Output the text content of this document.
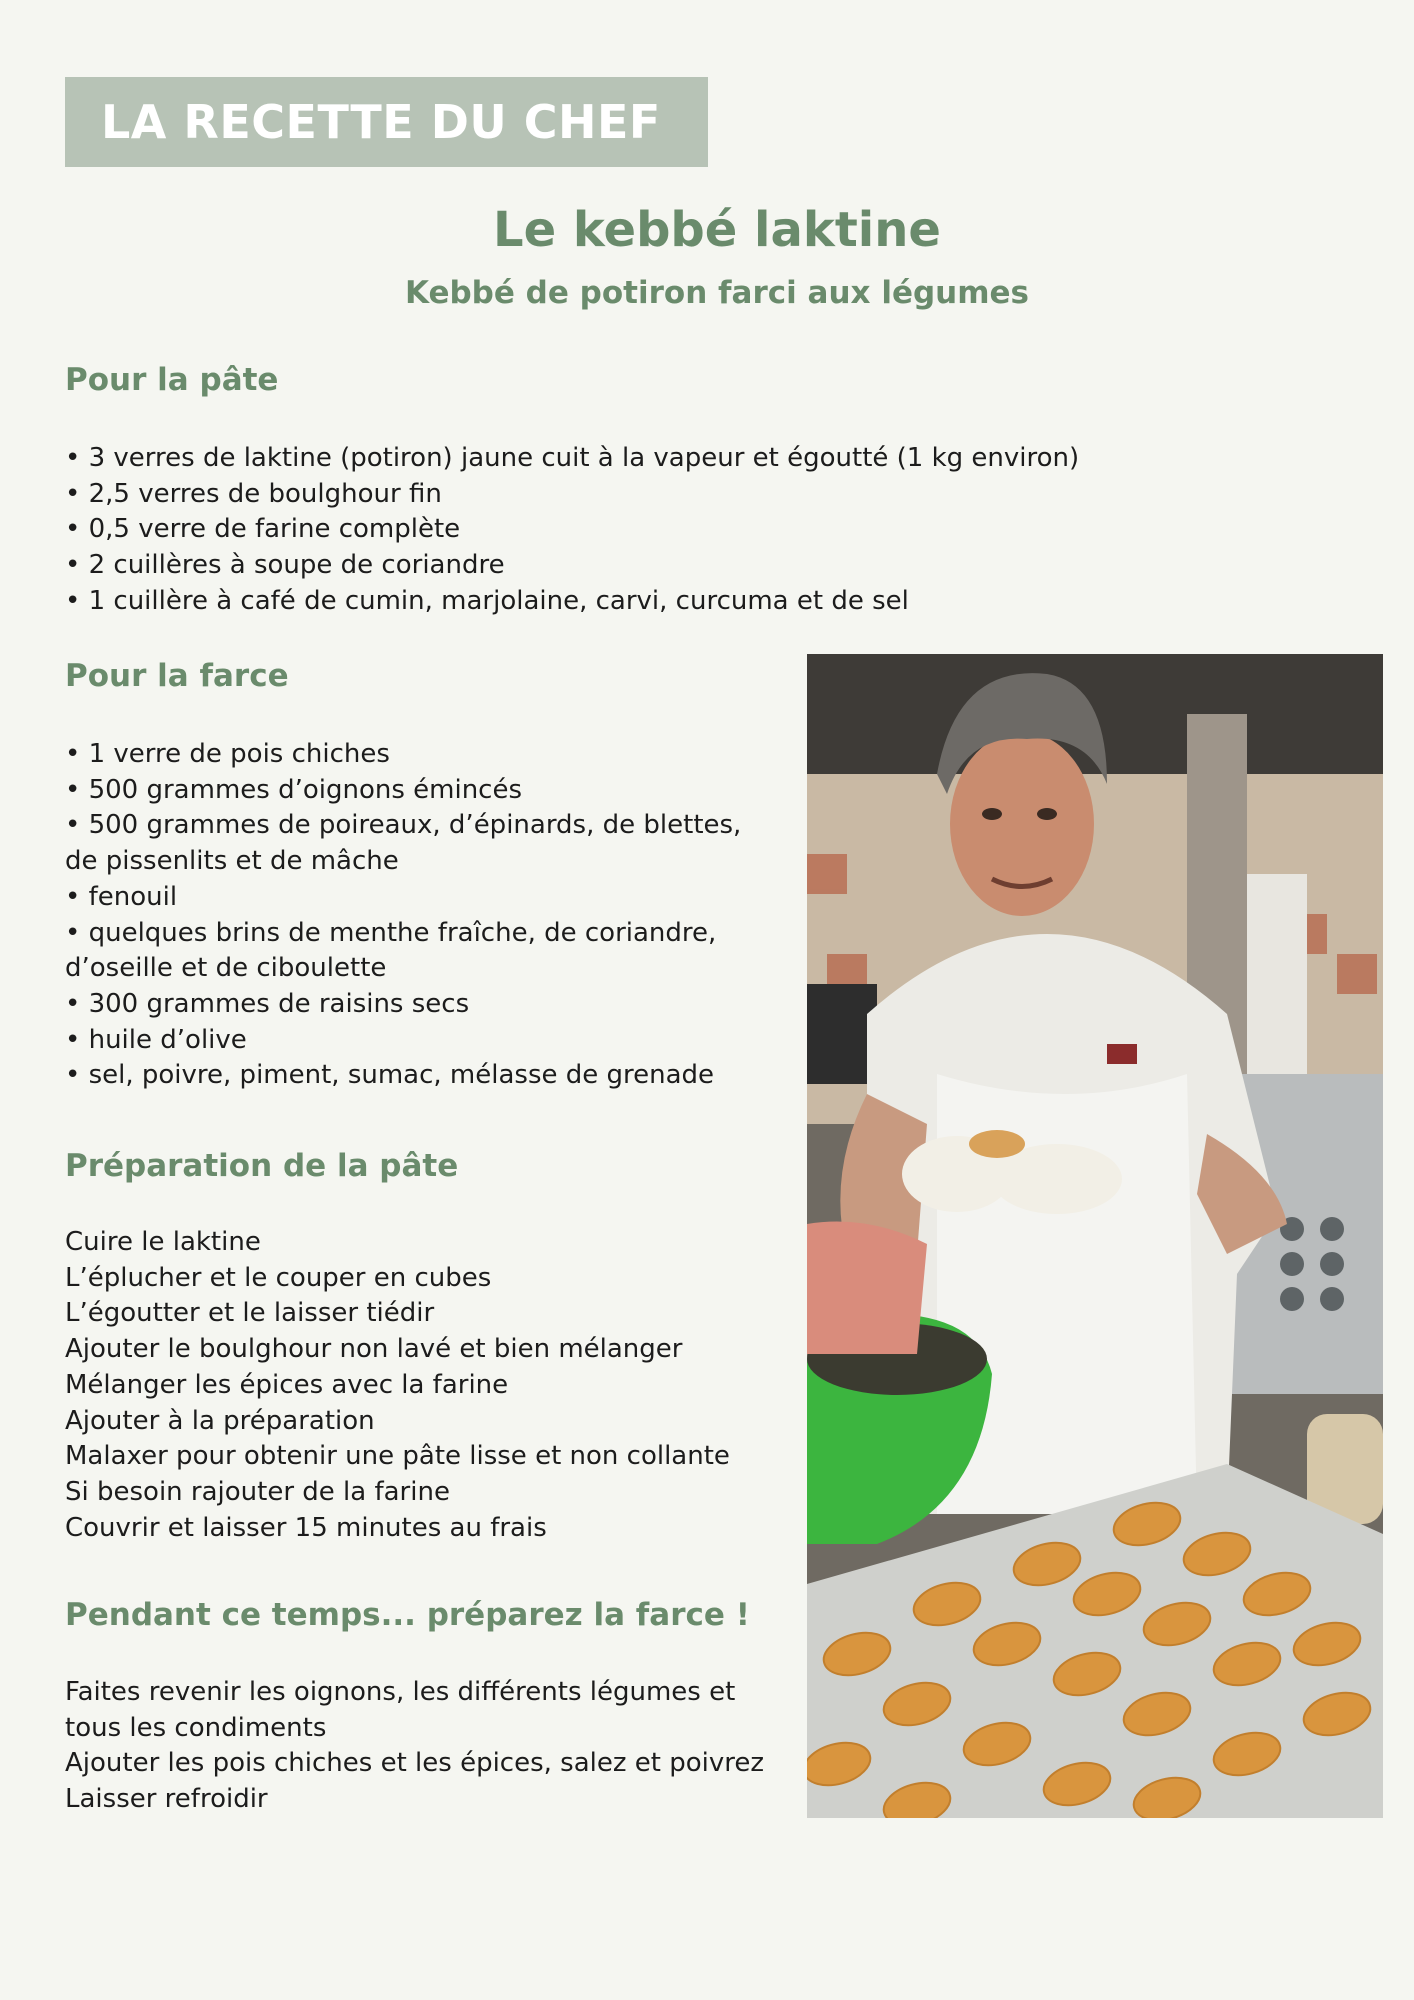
LA RECETTE DU CHEF
Le kebbé laktine
Kebbé de potiron farci aux légumes
Pour la pâte
• 3 verres de laktine (potiron) jaune cuit à la vapeur et égoutté (1 kg environ)
• 2,5 verres de boulghour fin
• 0,5 verre de farine complète
• 2 cuillères à soupe de coriandre
• 1 cuillère à café de cumin, marjolaine, carvi, curcuma et de sel
Pour la farce
• 1 verre de pois chiches
• 500 grammes d’oignons émincés
• 500 grammes de poireaux, d’épinards, de blettes,
de pissenlits et de mâche
• fenouil
• quelques brins de menthe fraîche, de coriandre,
d’oseille et de ciboulette
• 300 grammes de raisins secs
• huile d’olive
• sel, poivre, piment, sumac, mélasse de grenade
Préparation de la pâte
Cuire le laktine
L’éplucher et le couper en cubes
L’égoutter et le laisser tiédir
Ajouter le boulghour non lavé et bien mélanger
Mélanger les épices avec la farine
Ajouter à la préparation
Malaxer pour obtenir une pâte lisse et non collante
Si besoin rajouter de la farine
Couvrir et laisser 15 minutes au frais
Pendant ce temps... préparez la farce !
Faites revenir les oignons, les différents légumes et
tous les condiments
Ajouter les pois chiches et les épices, salez et poivrez
Laisser refroidir
